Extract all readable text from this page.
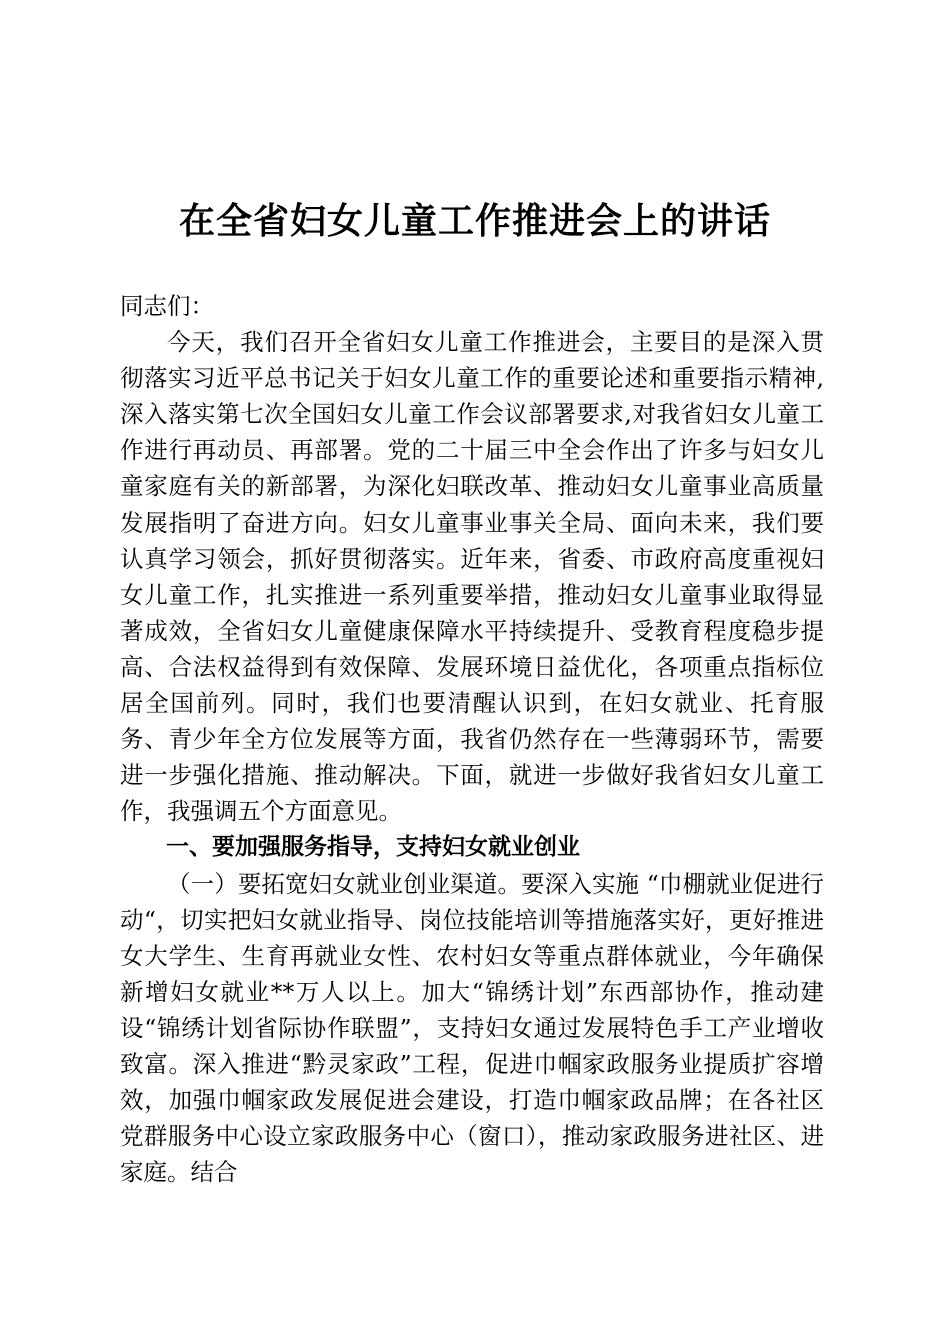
在全省妇女儿童工作推进会上的讲话

同志们：

今天，我们召开全省妇女儿童工作推进会，主要目的是深入贯彻落实习近平总书记关于妇女儿童工作的重要论述和重要指示精神,深入落实第七次全国妇女儿童工作会议部署要求,对我省妇女儿童工作进行再动员、再部署。党的二十届三中全会作出了许多与妇女儿童家庭有关的新部署，为深化妇联改革、推动妇女儿童事业高质量发展指明了奋进方向。妇女儿童事业事关全局、面向未来，我们要认真学习领会，抓好贯彻落实。近年来，省委、市政府高度重视妇女儿童工作，扎实推进一系列重要举措，推动妇女儿童事业取得显著成效，全省妇女儿童健康保障水平持续提升、受教育程度稳步提高、合法权益得到有效保障、发展环境日益优化，各项重点指标位居全国前列。同时，我们也要清醒认识到，在妇女就业、托育服务、青少年全方位发展等方面，我省仍然存在一些薄弱环节，需要进一步强化措施、推动解决。下面，就进一步做好我省妇女儿童工作，我强调五个方面意见。

一、要加强服务指导，支持妇女就业创业

（一）要拓宽妇女就业创业渠道。要深入实施 “巾棚就业促进行动“，切实把妇女就业指导、岗位技能培训等措施落实好，更好推进女大学生、生育再就业女性、农村妇女等重点群体就业，今年确保新增妇女就业**万人以上。加大“锦绣计划”东西部协作，推动建设“锦绣计划省际协作联盟”，支持妇女通过发展特色手工产业增收致富。深入推进“黔灵家政”工程，促进巾帼家政服务业提质扩容增效，加强巾帼家政发展促进会建设，打造巾帼家政品牌；在各社区党群服务中心设立家政服务中心（窗口），推动家政服务进社区、进家庭。结合
